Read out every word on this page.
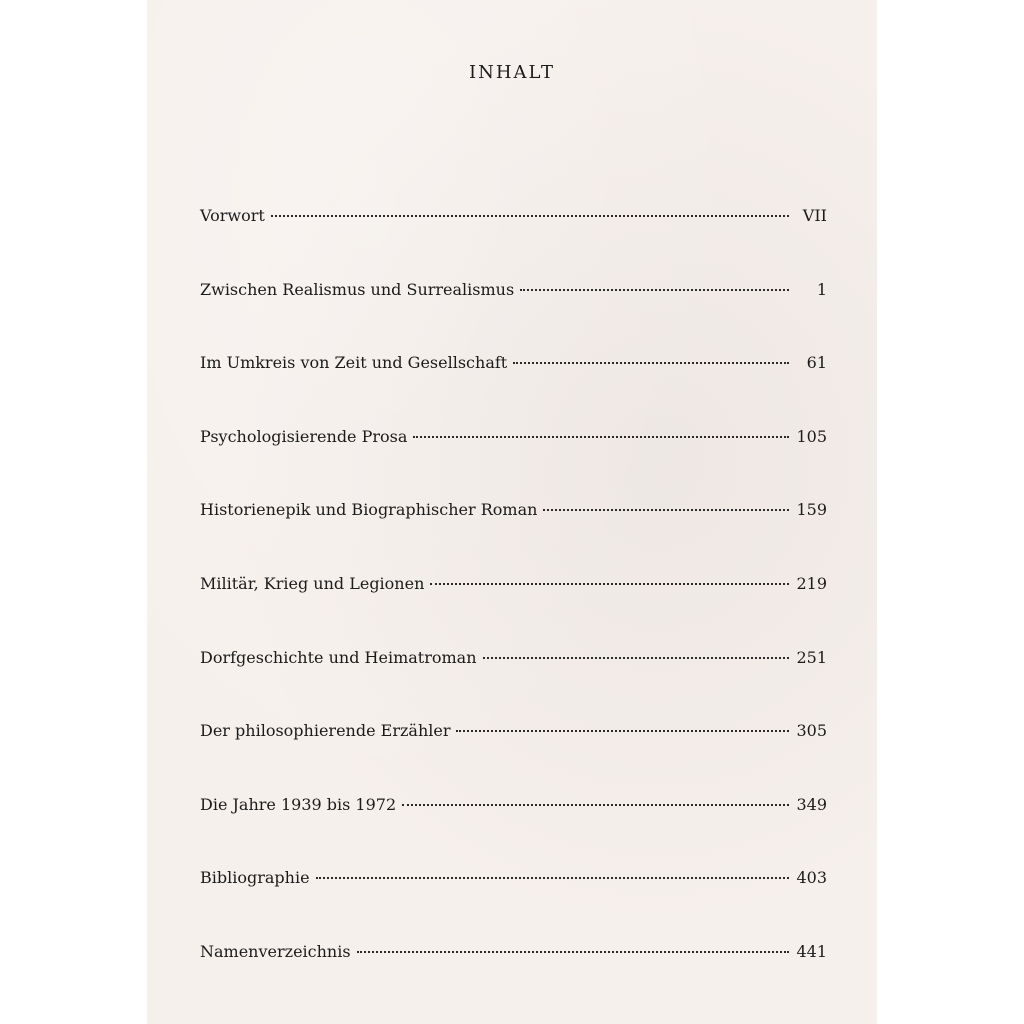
INHALT
Vorwort	VII
Zwischen Realismus und Surrealismus	1
Im Umkreis von Zeit und Gesellschaft	61
Psychologisierende Prosa	105
Historienepik und Biographischer Roman	159
Militär, Krieg und Legionen	219
Dorfgeschichte und Heimatroman	251
Der philosophierende Erzähler	305
Die Jahre 1939 bis 1972	349
Bibliographie	403
Namenverzeichnis	441
